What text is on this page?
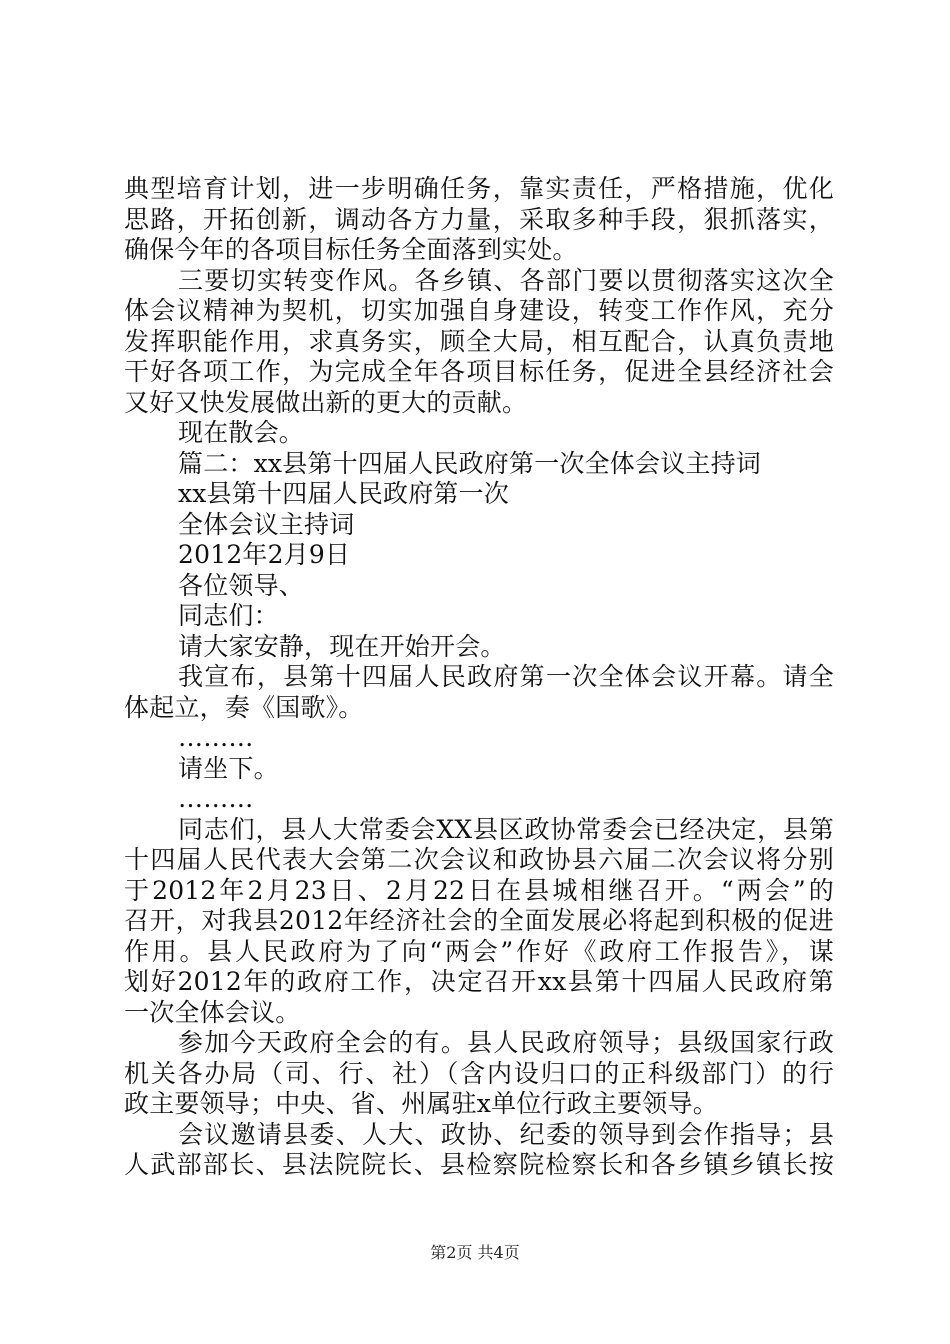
典型培育计划，进一步明确任务，靠实责任，严格措施，优化
思路，开拓创新，调动各方力量，采取多种手段，狠抓落实，
确保今年的各项目标任务全面落到实处。
三要切实转变作风。各乡镇、各部门要以贯彻落实这次全
体会议精神为契机，切实加强自身建设，转变工作作风，充分
发挥职能作用，求真务实，顾全大局，相互配合，认真负责地
干好各项工作，为完成全年各项目标任务，促进全县经济社会
又好又快发展做出新的更大的贡献。
现在散会。
篇二：xx县第十四届人民政府第一次全体会议主持词
xx县第十四届人民政府第一次
全体会议主持词
2012年2月9日
各位领导、
同志们：
请大家安静，现在开始开会。
我宣布，县第十四届人民政府第一次全体会议开幕。请全
体起立，奏《国歌》。
………
请坐下。
………
同志们，县人大常委会XX县区政协常委会已经决定，县第
十四届人民代表大会第二次会议和政协县六届二次会议将分别
于2012年2月23日、2月22日在县城相继召开。“两会”的
召开，对我县2012年经济社会的全面发展必将起到积极的促进
作用。县人民政府为了向“两会”作好《政府工作报告》，谋
划好2012年的政府工作，决定召开xx县第十四届人民政府第
一次全体会议。
参加今天政府全会的有。县人民政府领导；县级国家行政
机关各办局（司、行、社）（含内设归口的正科级部门）的行
政主要领导；中央、省、州属驻x单位行政主要领导。
会议邀请县委、人大、政协、纪委的领导到会作指导；县
人武部部长、县法院院长、县检察院检察长和各乡镇乡镇长按
第2页 共4页
